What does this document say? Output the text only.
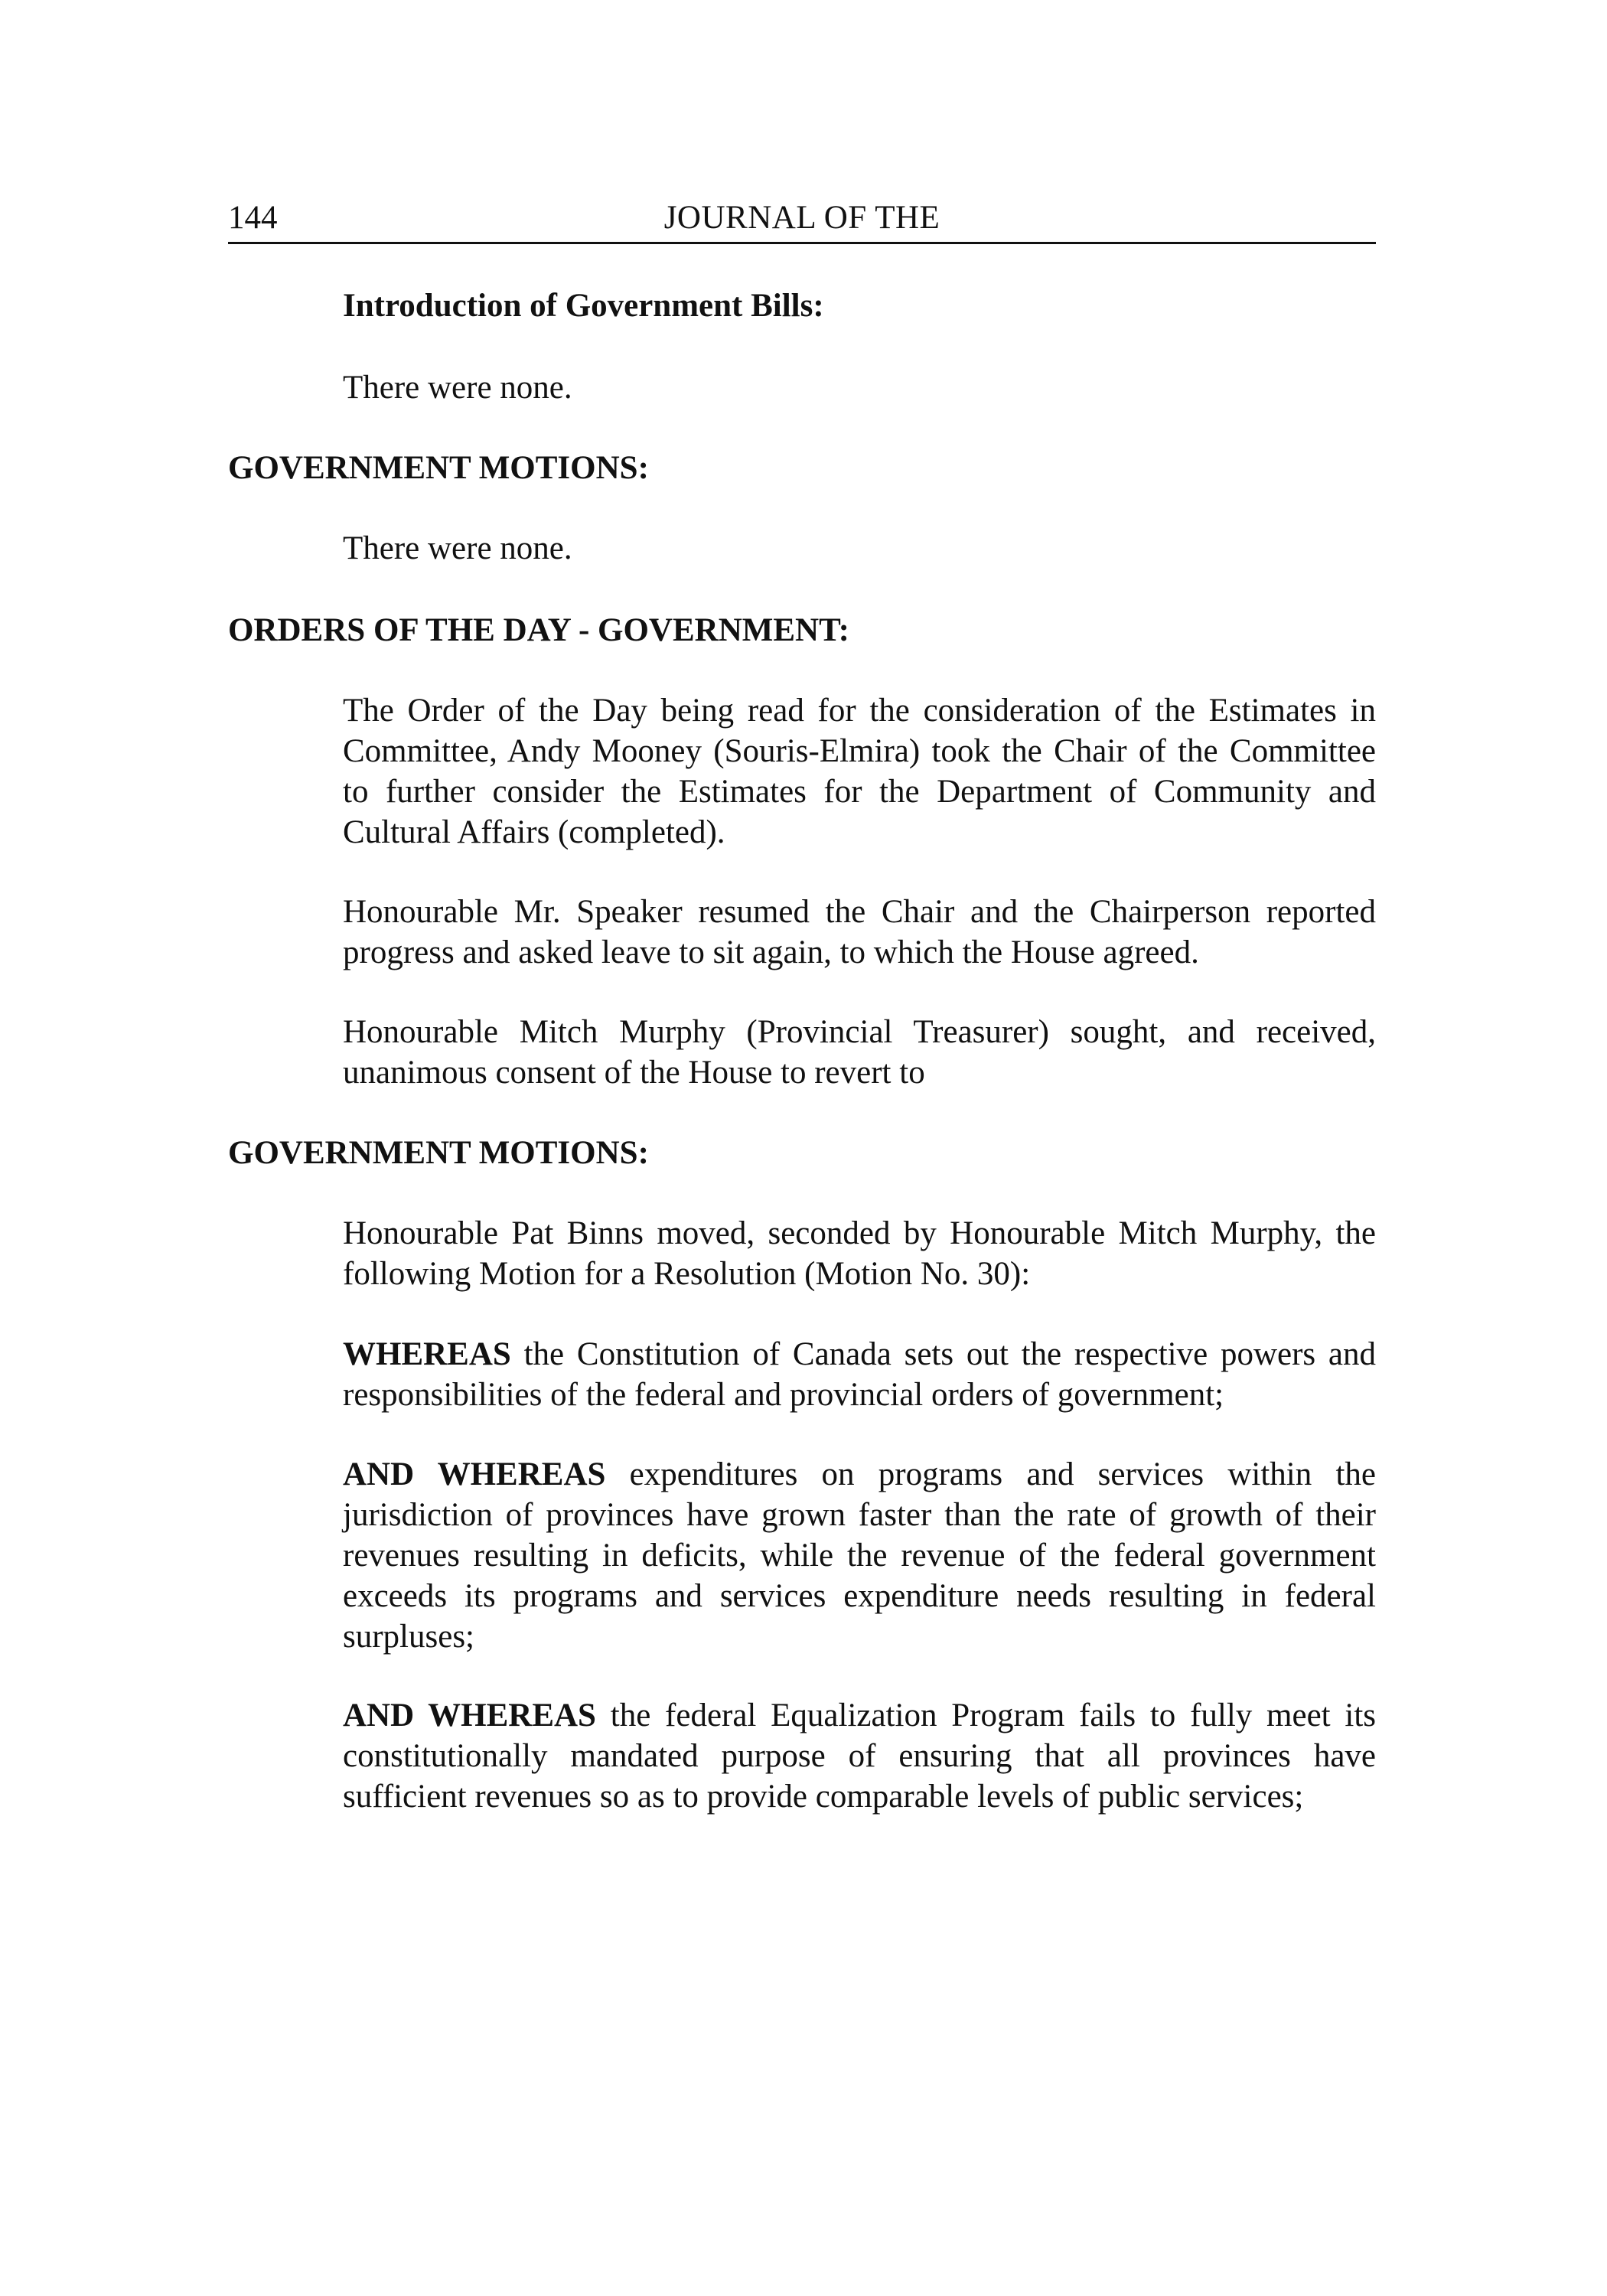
144	JOURNAL OF THE

Introduction of Government Bills:

There were none.

GOVERNMENT MOTIONS:

There were none.

ORDERS OF THE DAY - GOVERNMENT:

The Order of the Day being read for the consideration of the Estimates in Committee, Andy Mooney (Souris-Elmira) took the Chair of the Committee to further consider the Estimates for the Department of Community and Cultural Affairs (completed).

Honourable Mr. Speaker resumed the Chair and the Chairperson reported progress and asked leave to sit again, to which the House agreed.

Honourable Mitch Murphy (Provincial Treasurer) sought, and received, unanimous consent of the House to revert to

GOVERNMENT MOTIONS:

Honourable Pat Binns moved, seconded by Honourable Mitch Murphy, the following Motion for a Resolution (Motion No. 30):

WHEREAS the Constitution of Canada sets out the respective powers and responsibilities of the federal and provincial orders of government;

AND WHEREAS expenditures on programs and services within the jurisdiction of provinces have grown faster than the rate of growth of their revenues resulting in deficits, while the revenue of the federal government exceeds its programs and services expenditure needs resulting in federal surpluses;

AND WHEREAS the federal Equalization Program fails to fully meet its constitutionally mandated purpose of ensuring that all provinces have sufficient revenues so as to provide comparable levels of public services;
